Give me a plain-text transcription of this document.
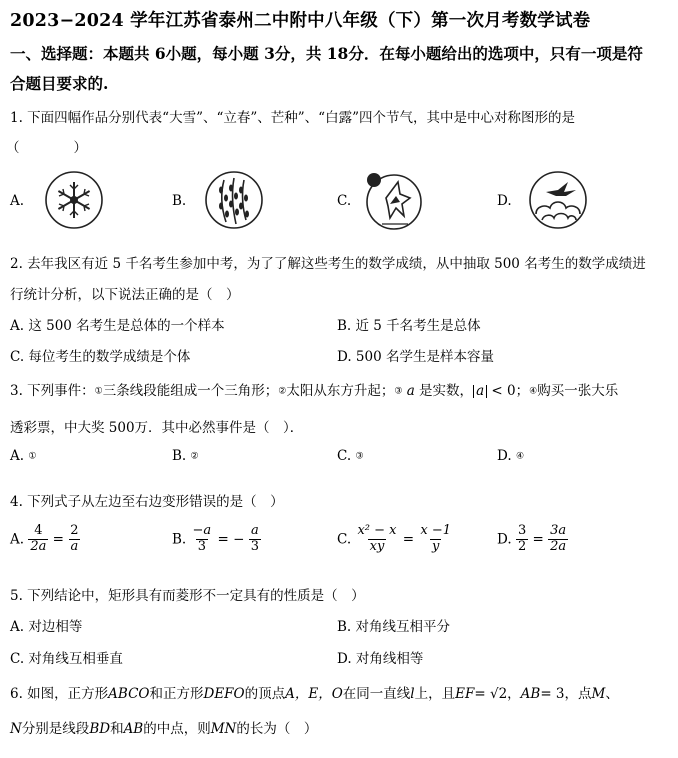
2023−2024 学年江苏省泰州二中附中八年级（下）第一次月考数学试卷
一、选择题：本题共 6小题，每小题 3分，共 18分．在每小题给出的选项中，只有一项是符
合题目要求的.
1. 下面四幅作品分别代表“大雪”、“立春”、芒种”、“白露”四个节气，其中是中心对称图形的是
（　　　　）
A.	B.	C.	D.
2. 去年我区有近 5 千名考生参加中考，为了了解这些考生的数学成绩，从中抽取 500 名考生的数学成绩进
行统计分析，以下说法正确的是（　）
A. 这 500 名考生是总体的一个样本	B. 近 5 千名考生是总体
C. 每位考生的数学成绩是个体	D. 500 名学生是样本容量
3. 下列事件：①三条线段能组成一个三角形；②太阳从东方升起；③ a 是实数， a < 0；④购买一张大乐
透彩票，中大奖 500万．其中必然事件是（　）．
A. ①	B. ②	C. ③	D. ④
4. 下列式子从左边至右边变形错误的是（　）
A. $\frac{4}{2a} = \frac{2}{a}$	B. $\frac{-a}{3}$ = − $\frac{a}{3}$	C. $\frac{\text{x² − x}}{xy} = \frac{x -1}{y}$	D. $\frac{3}{2} = \frac{3a}{2a}$
5. 下列结论中，矩形具有而菱形不一定具有的性质是（　）
A. 对边相等	B. 对角线互相平分
C. 对角线互相垂直	D. 对角线相等
6. 如图，正方形ABCO和正方形DEFO的顶点A，E，O在同一直线l上，且EF= √2，AB= 3，点M、
N分别是线段BD和AB的中点，则MN的长为（　）
